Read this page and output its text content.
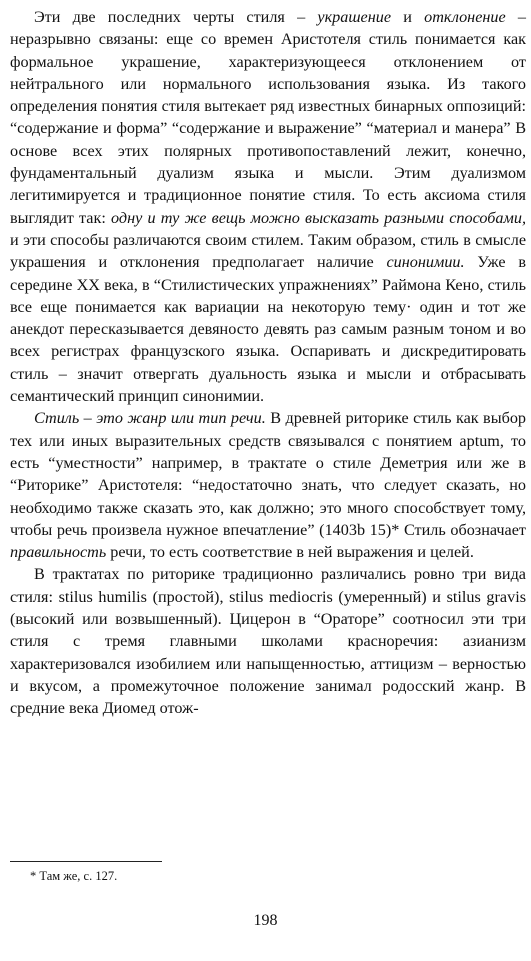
Эти две последних черты стиля – украшение и отклонение – неразрывно связаны: еще со времен Аристотеля стиль понимается как формальное украшение, характеризующееся отклонением от нейтрального или нормального использования языка. Из такого определения понятия стиля вытекает ряд известных бинарных оппозиций: “содержание и форма” “содержание и выражение” “материал и манера” В основе всех этих полярных противопоставлений лежит, конечно, фундаментальный дуализм языка и мысли. Этим дуализмом легитимируется и традиционное понятие стиля. То есть аксиома стиля выглядит так: одну и ту же вещь можно высказать разными способами, и эти способы различаются своим стилем. Таким образом, стиль в смысле украшения и отклонения предполагает наличие синонимии. Уже в середине XX века, в “Стилистических упражнениях” Раймона Кено, стиль все еще понимается как вариации на некоторую тему· один и тот же анекдот пересказывается девяносто девять раз самым разным тоном и во всех регистрах французского языка. Оспаривать и дискредитировать стиль – значит отвергать дуальность языка и мысли и отбрасывать семантический принцип синонимии.

Стиль – это жанр или тип речи. В древней риторике стиль как выбор тех или иных выразительных средств связывался с понятием aptum, то есть “уместности” например, в трактате о стиле Деметрия или же в “Риторике” Аристотеля: “недостаточно знать, что следует сказать, но необходимо также сказать это, как должно; это много способствует тому, чтобы речь произвела нужное впечатление” (1403b 15)* Стиль обозначает правильность речи, то есть соответствие в ней выражения и целей.

В трактатах по риторике традиционно различались ровно три вида стиля: stilus humilis (простой), stilus mediocris (умеренный) и stilus gravis (высокий или возвышенный). Цицерон в “Ораторе” соотносил эти три стиля с тремя главными школами красноречия: азианизм характеризовался изобилием или напыщенностью, аттицизм – верностью и вкусом, а промежуточное положение занимал родосский жанр. В средние века Диомед отож-

* Там же, с. 127.
198
